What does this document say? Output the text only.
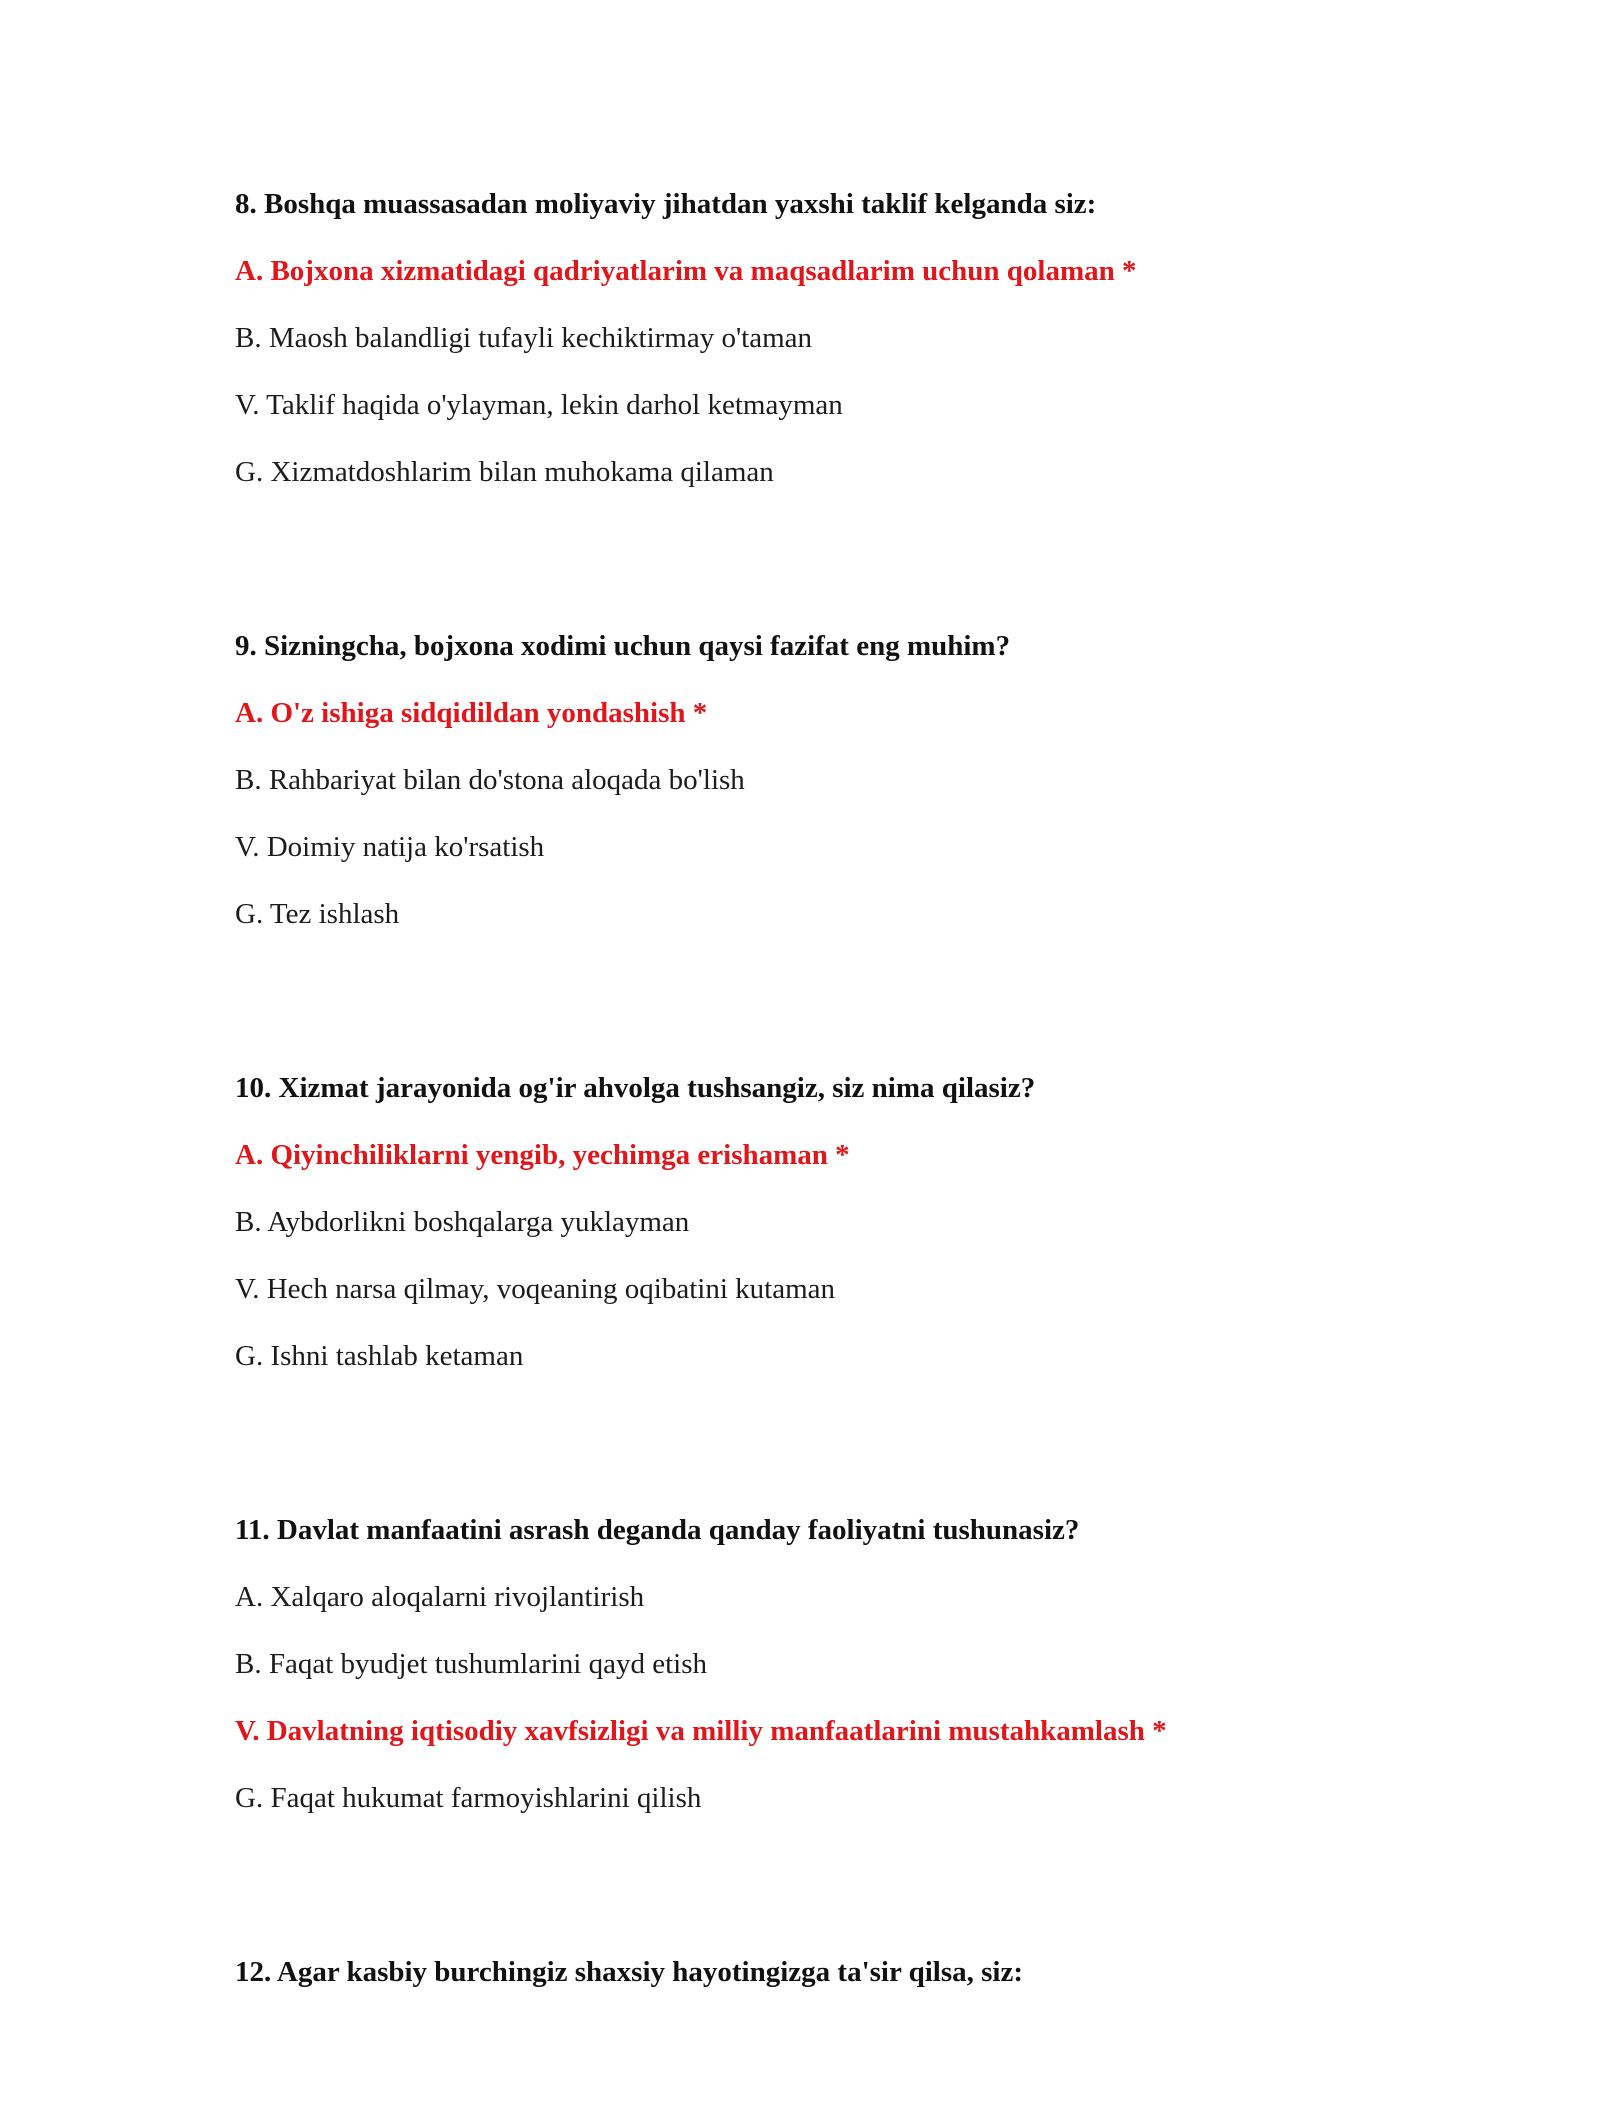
8. Boshqa muassasadan moliyaviy jihatdan yaxshi taklif kelganda siz:
A. Bojxona xizmatidagi qadriyatlarim va maqsadlarim uchun qolaman *
B. Maosh balandligi tufayli kechiktirmay o'taman
V. Taklif haqida o'ylayman, lekin darhol ketmayman
G. Xizmatdoshlarim bilan muhokama qilaman
9. Sizningcha, bojxona xodimi uchun qaysi fazifat eng muhim?
A. O'z ishiga sidqidildan yondashish *
B. Rahbariyat bilan do'stona aloqada bo'lish
V. Doimiy natija ko'rsatish
G. Tez ishlash
10. Xizmat jarayonida og'ir ahvolga tushsangiz, siz nima qilasiz?
A. Qiyinchiliklarni yengib, yechimga erishaman *
B. Aybdorlikni boshqalarga yuklayman
V. Hech narsa qilmay, voqeaning oqibatini kutaman
G. Ishni tashlab ketaman
11. Davlat manfaatini asrash deganda qanday faoliyatni tushunasiz?
A. Xalqaro aloqalarni rivojlantirish
B. Faqat byudjet tushumlarini qayd etish
V. Davlatning iqtisodiy xavfsizligi va milliy manfaatlarini mustahkamlash *
G. Faqat hukumat farmoyishlarini qilish
12. Agar kasbiy burchingiz shaxsiy hayotingizga ta'sir qilsa, siz:
